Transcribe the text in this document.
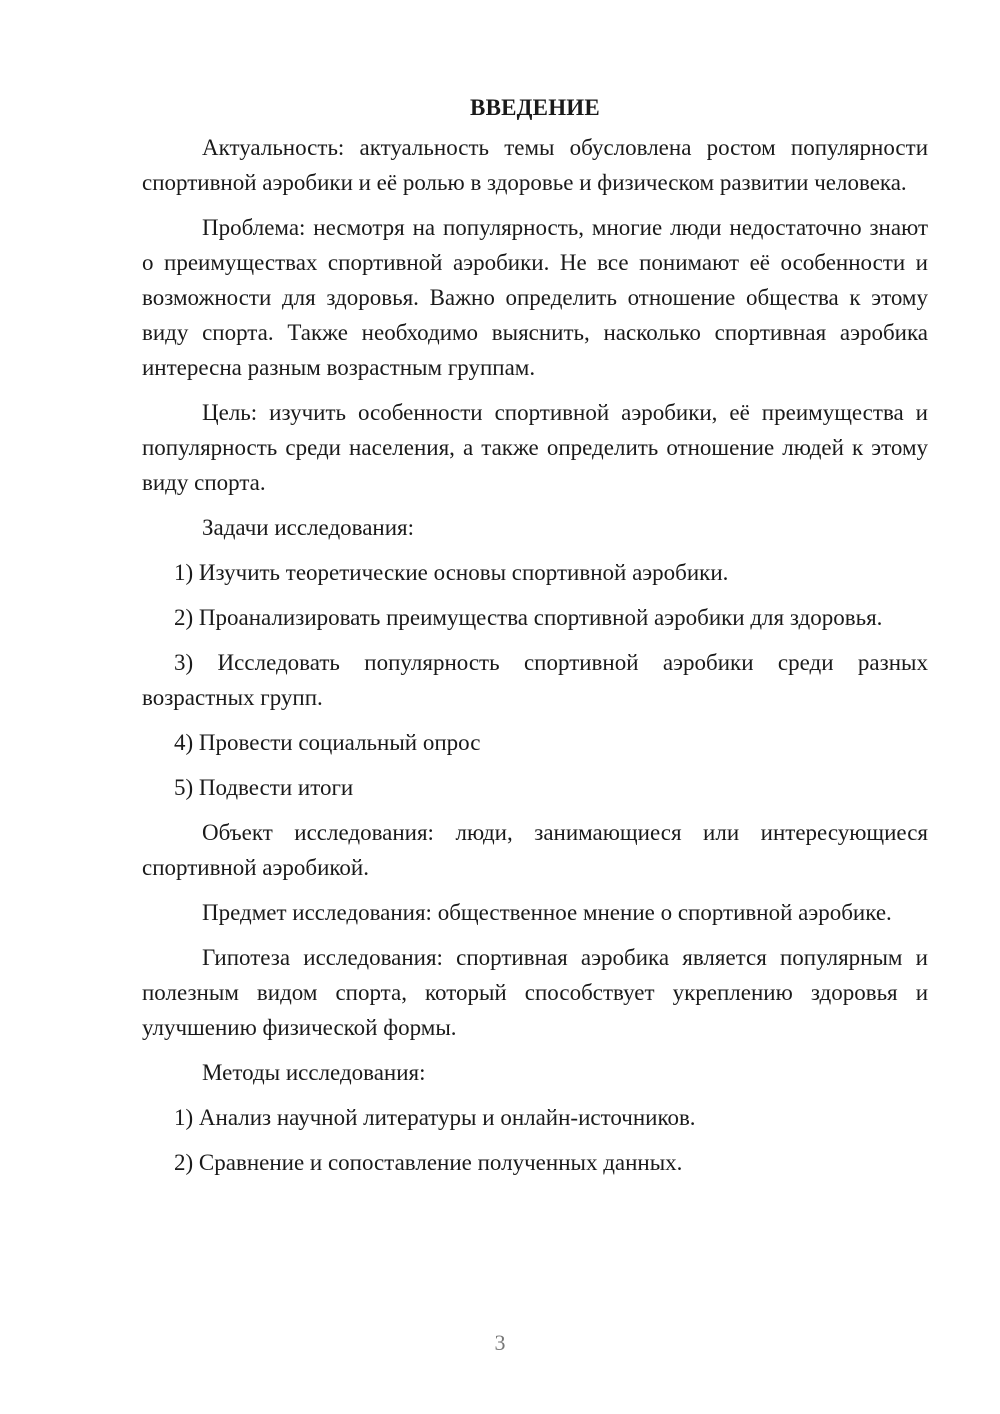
ВВЕДЕНИЕ

Актуальность: актуальность темы обусловлена ростом популярности спортивной аэробики и её ролью в здоровье и физическом развитии человека.

Проблема: несмотря на популярность, многие люди недостаточно знают о преимуществах спортивной аэробики. Не все понимают её особенности и возможности для здоровья. Важно определить отношение общества к этому виду спорта. Также необходимо выяснить, насколько спортивная аэробика интересна разным возрастным группам.

Цель: изучить особенности спортивной аэробики, её преимущества и популярность среди населения, а также определить отношение людей к этому виду спорта.

Задачи исследования:

1) Изучить теоретические основы спортивной аэробики.

2) Проанализировать преимущества спортивной аэробики для здоровья.

3) Исследовать популярность спортивной аэробики среди разных возрастных групп.

4) Провести социальный опрос

5) Подвести итоги

Объект исследования: люди, занимающиеся или интересующиеся спортивной аэробикой.

Предмет исследования: общественное мнение о спортивной аэробике.

Гипотеза исследования: спортивная аэробика является популярным и полезным видом спорта, который способствует укреплению здоровья и улучшению физической формы.

Методы исследования:

1) Анализ научной литературы и онлайн-источников.

2) Сравнение и сопоставление полученных данных.

3
